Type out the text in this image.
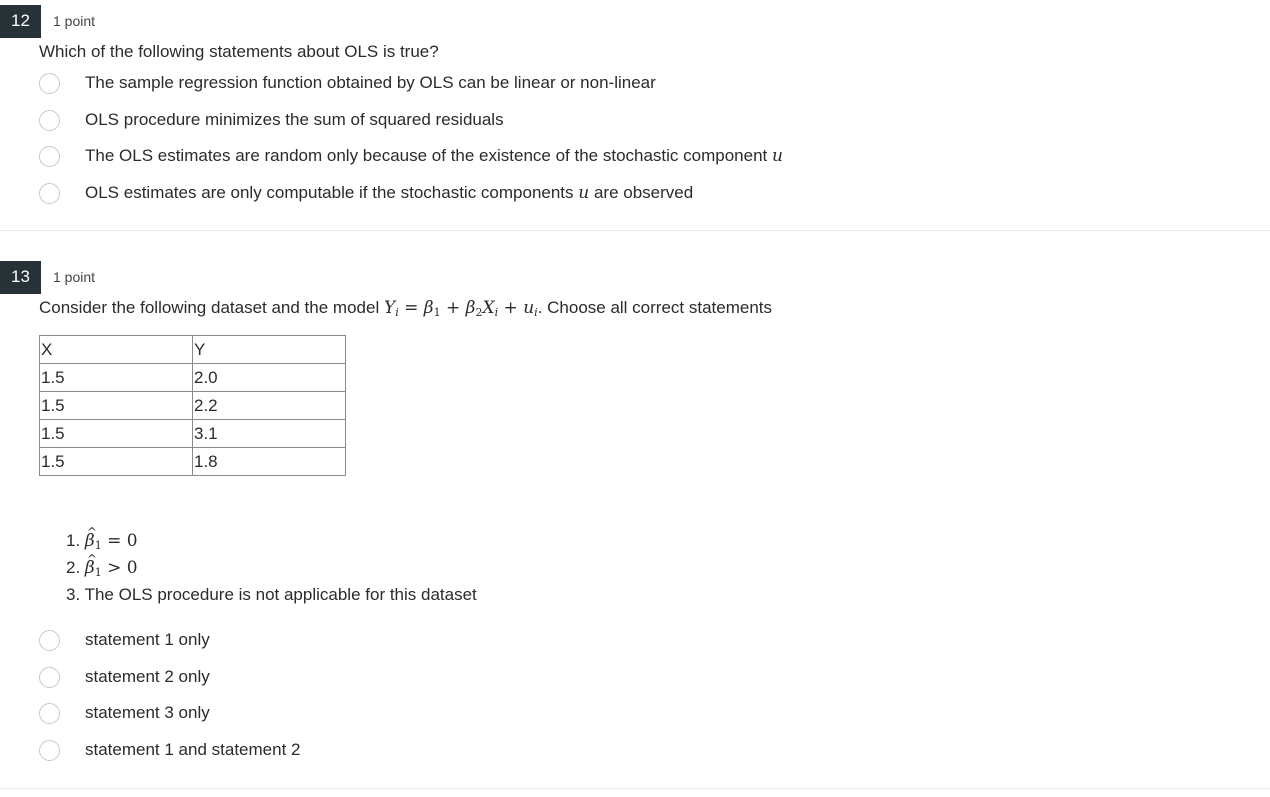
12	1 point
Which of the following statements about OLS is true?
The sample regression function obtained by OLS can be linear or non-linear
OLS procedure minimizes the sum of squared residuals
The OLS estimates are random only because of the existence of the stochastic component u
OLS estimates are only computable if the stochastic components u are observed
13	1 point
Consider the following dataset and the model $Y_i = \beta_1 + \beta_2X_i + u_i$. Choose all correct statements
X	Y
1.5	2.0
1.5	2.2
1.5	3.1
1.5	1.8
1. ^ $\beta_1 = 0$
2. ^ $\beta_1 > 0$
3. The OLS procedure is not applicable for this dataset
statement 1 only
statement 2 only
statement 3 only
statement 1 and statement 2
